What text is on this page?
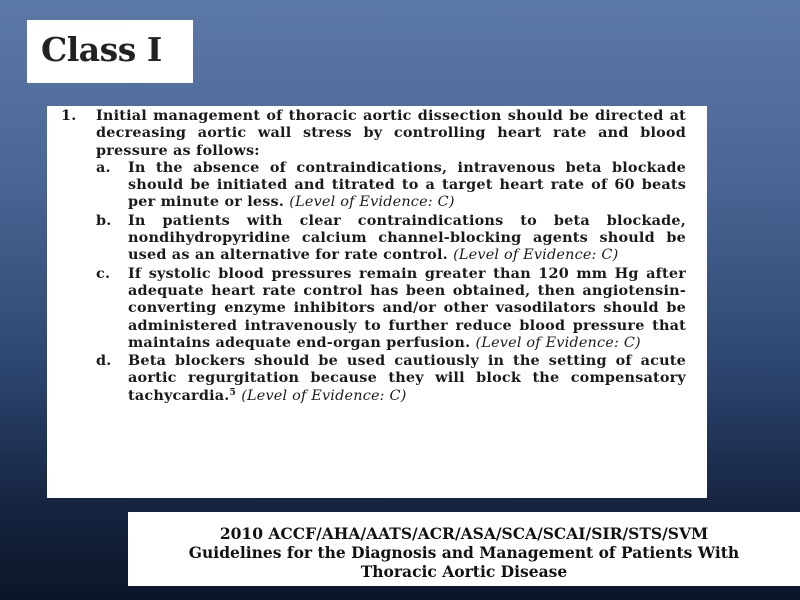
Class I
1. Initial management of thoracic aortic dissection should be directed at decreasing aortic wall stress by controlling heart rate and blood pressure as follows:
a. In the absence of contraindications, intravenous beta blockade should be initiated and titrated to a target heart rate of 60 beats per minute or less. (Level of Evidence: C)
b. In patients with clear contraindications to beta blockade, nondihydropyridine calcium channel-blocking agents should be used as an alternative for rate control. (Level of Evidence: C)
c. If systolic blood pressures remain greater than 120 mm Hg after adequate heart rate control has been obtained, then angiotensin-converting enzyme inhibitors and/or other vasodilators should be administered intravenously to further reduce blood pressure that maintains adequate end-organ perfusion. (Level of Evidence: C)
d. Beta blockers should be used cautiously in the setting of acute aortic regurgitation because they will block the compensatory tachycardia.$^5$ (Level of Evidence: C)
2010 ACCF/AHA/AATS/ACR/ASA/SCA/SCAI/SIR/STS/SVM
Guidelines for the Diagnosis and Management of Patients With
Thoracic Aortic Disease
